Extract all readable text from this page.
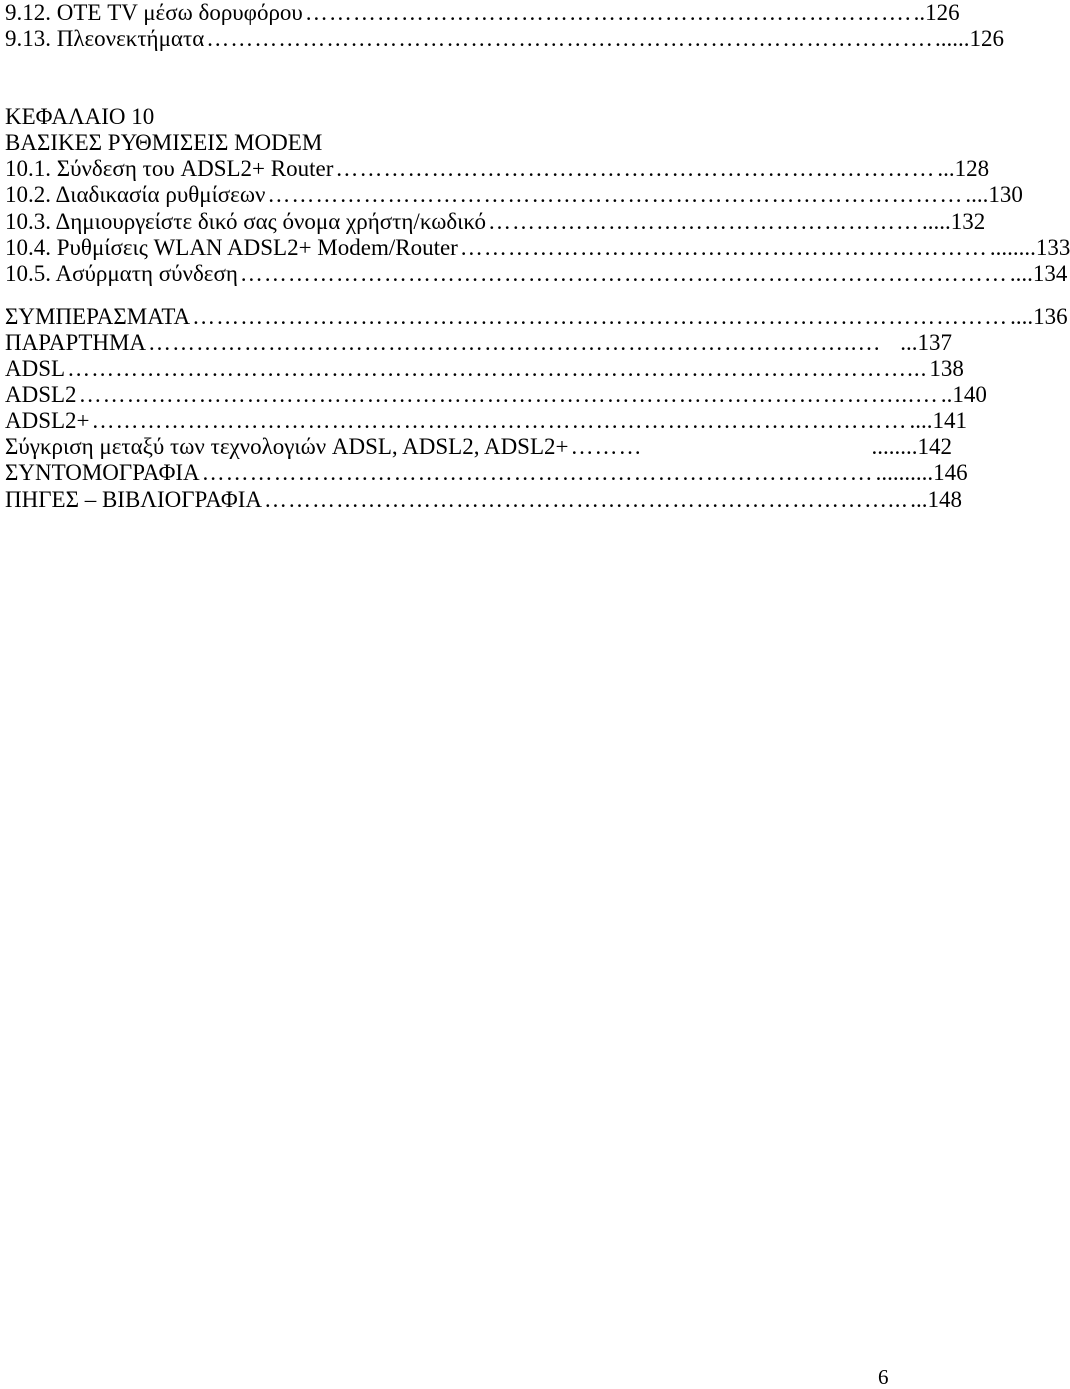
9.12. ΟΤΕ TV μέσω δορυφόρου …………………………………………………………………. ..126
9.13. Πλεονεκτήματα ………………………………………………………………………………. ......126
ΚΕΦΑΛΑΙΟ 10
ΒΑΣΙΚΕΣ ΡΥΘΜΙΣΕΙΣ MODEM
10.1. Σύνδεση του ADSL2+ Router ………………………………………………………………… ...128
10.2. Διαδικασία ρυθμίσεων …………………………………………………………………………… ....130
10.3. Δημιουργείστε δικό σας όνομα χρήστη/κωδικό ……………………………………………… .....132
10.4. Ρυθμίσεις WLAN ADSL2+ Modem/Router ………………………………………………………… ........133
10.5. Ασύρματη σύνδεση …………………………………………………………………………………… ....134
ΣΥΜΠΕΡΑΣΜΑΤΑ ………………………………………………………………………………………… ....136
ΠΑΡΑΡΤΗΜΑ ……………………………………………………………………………..… ...137
ADSL ……………………………………………………………………………………………... 138
ADSL2 …………………………………………………………………………………………...… ..140
ADSL2+ ………………………………………………………………………………………… ....141
Σύγκριση μεταξύ των τεχνολογιών ADSL, ADSL2, ADSL2+ ………	........142
ΣΥΝΤΟΜΟΓΡΑΦΙΑ ………………………………………………………………………… ..........146
ΠΗΓΕΣ – ΒΙΒΛΙΟΓΡΑΦΙΑ ……………………………………………………………………... ...148
6
